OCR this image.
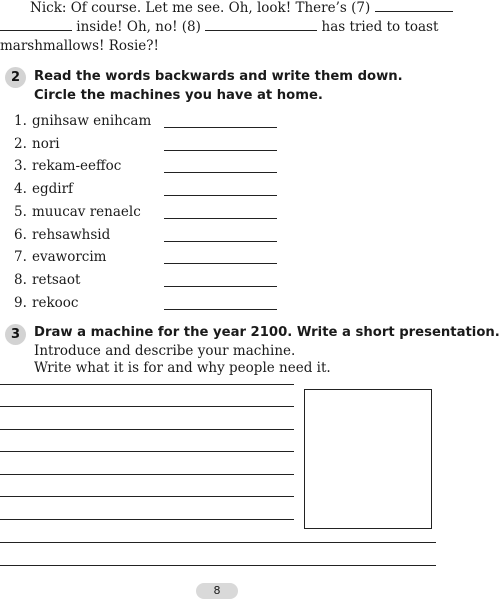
Nick: Of course. Let me see. Oh, look! There’s (7)
inside! Oh, no! (8)	has tried to toast
marshmallows! Rosie?!
2	Read the words backwards and write them down. Circle the machines you have at home.
1. gnihsaw enihcam
2. nori
3. rekam-eeffoc
4. egdirf
5. muucav renaelc
6. rehsawhsid
7. evaworcim
8. retsaot
9. rekooc
3	Draw a machine for the year 2100. Write a short presentation.
Introduce and describe your machine.
Write what it is for and why people need it.
8
